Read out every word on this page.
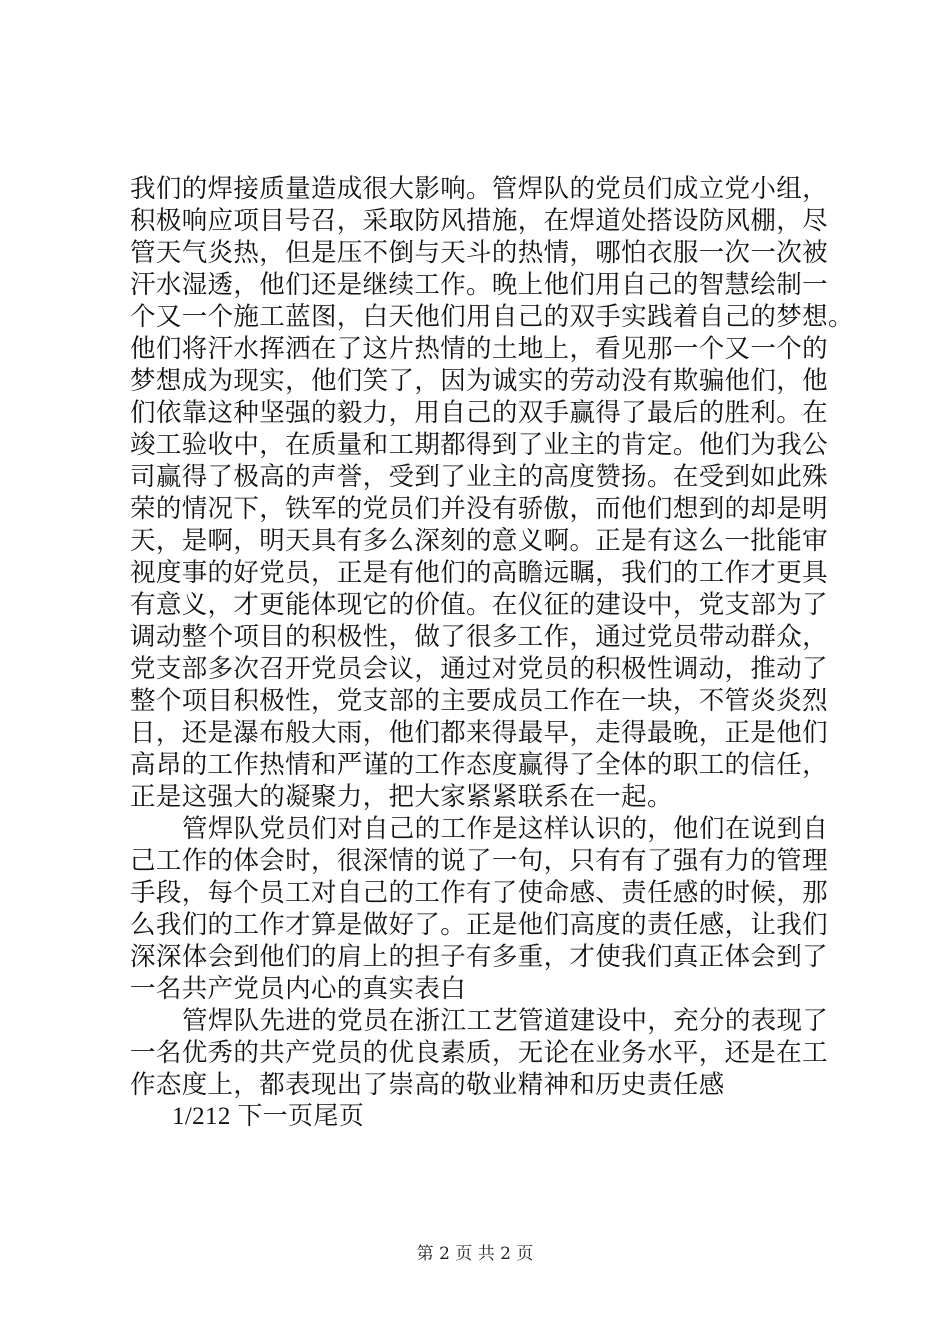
我们的焊接质量造成很大影响。管焊队的党员们成立党小组，
积极响应项目号召，采取防风措施，在焊道处搭设防风棚，尽
管天气炎热，但是压不倒与天斗的热情，哪怕衣服一次一次被
汗水湿透，他们还是继续工作。晚上他们用自己的智慧绘制一
个又一个施工蓝图，白天他们用自己的双手实践着自己的梦想。
他们将汗水挥洒在了这片热情的土地上，看见那一个又一个的
梦想成为现实，他们笑了，因为诚实的劳动没有欺骗他们，他
们依靠这种坚强的毅力，用自己的双手赢得了最后的胜利。在
竣工验收中，在质量和工期都得到了业主的肯定。他们为我公
司赢得了极高的声誉，受到了业主的高度赞扬。在受到如此殊
荣的情况下，铁军的党员们并没有骄傲，而他们想到的却是明
天，是啊，明天具有多么深刻的意义啊。正是有这么一批能审
视度事的好党员，正是有他们的高瞻远瞩，我们的工作才更具
有意义，才更能体现它的价值。在仪征的建设中，党支部为了
调动整个项目的积极性，做了很多工作，通过党员带动群众，
党支部多次召开党员会议，通过对党员的积极性调动，推动了
整个项目积极性，党支部的主要成员工作在一块，不管炎炎烈
日，还是瀑布般大雨，他们都来得最早，走得最晚，正是他们
高昂的工作热情和严谨的工作态度赢得了全体的职工的信任，
正是这强大的凝聚力，把大家紧紧联系在一起。
管焊队党员们对自己的工作是这样认识的，他们在说到自
己工作的体会时，很深情的说了一句，只有有了强有力的管理
手段，每个员工对自己的工作有了使命感、责任感的时候，那
么我们的工作才算是做好了。正是他们高度的责任感，让我们
深深体会到他们的肩上的担子有多重，才使我们真正体会到了
一名共产党员内心的真实表白
管焊队先进的党员在浙江工艺管道建设中，充分的表现了
一名优秀的共产党员的优良素质，无论在业务水平，还是在工
作态度上，都表现出了崇高的敬业精神和历史责任感
1/212 下一页尾页
第 2 页 共 2 页
